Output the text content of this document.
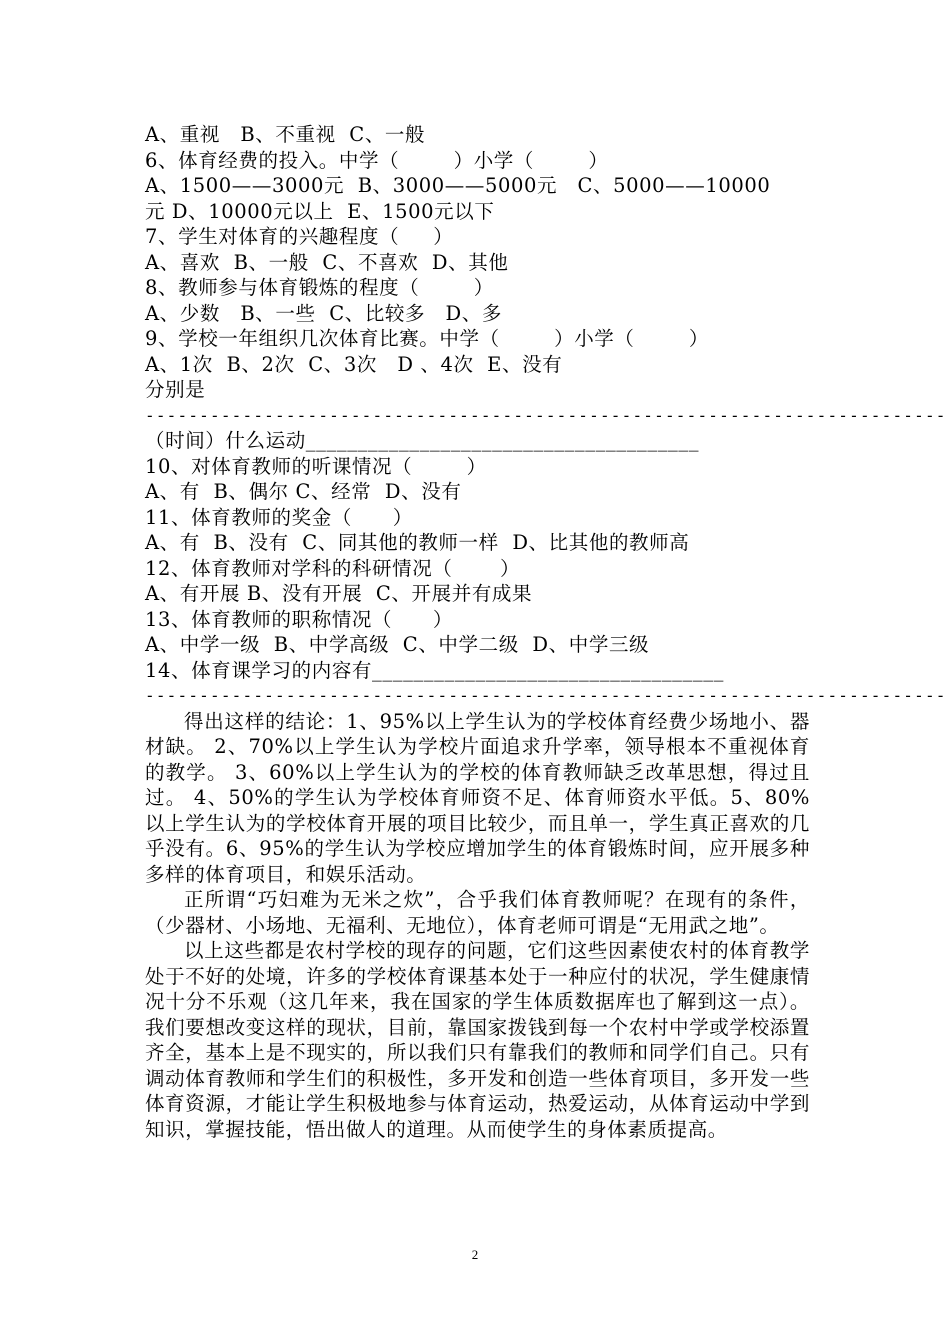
A、重视   B、不重视  C、一般
6、体育经费的投入。中学（        ）小学（        ）
A、1500——3000元  B、3000——5000元   C、5000——10000
元 D、10000元以上  E、1500元以下
7、学生对体育的兴趣程度（     ）
A、喜欢  B、一般  C、不喜欢  D、其他
8、教师参与体育锻炼的程度（        ）
A、少数   B、一些  C、比较多   D、多
9、学校一年组织几次体育比赛。中学（        ）小学（        ）
A、1次  B、2次  C、3次   D 、4次  E、没有
分别是
--------------------------------------------------------------------------
（时间）什么运动______________________________________
10、对体育教师的听课情况（        ）
A、有  B、偶尔 C、经常  D、没有
11、体育教师的奖金（      ）
A、有  B、没有  C、同其他的教师一样  D、比其他的教师高
12、体育教师对学科的科研情况（       ）
A、有开展 B、没有开展  C、开展并有成果
13、体育教师的职称情况（      ）
A、中学一级  B、中学高级  C、中学二级  D、中学三级
14、体育课学习的内容有__________________________________
--------------------------------------------------------------------------

得出这样的结论：1、95%以上学生认为的学校体育经费少场地小、器材缺。 2、70%以上学生认为学校片面追求升学率，领导根本不重视体育的教学。 3、60%以上学生认为的学校的体育教师缺乏改革思想，得过且过。 4、50%的学生认为学校体育师资不足、体育师资水平低。5、80%以上学生认为的学校体育开展的项目比较少，而且单一，学生真正喜欢的几乎没有。6、95%的学生认为学校应增加学生的体育锻炼时间，应开展多种多样的体育项目，和娱乐活动。

正所谓“巧妇难为无米之炊”，合乎我们体育教师呢？在现有的条件，（少器材、小场地、无福利、无地位），体育老师可谓是“无用武之地”。

以上这些都是农村学校的现存的问题，它们这些因素使农村的体育教学处于不好的处境，许多的学校体育课基本处于一种应付的状况，学生健康情况十分不乐观（这几年来，我在国家的学生体质数据库也了解到这一点）。我们要想改变这样的现状，目前，靠国家拨钱到每一个农村中学或学校添置齐全，基本上是不现实的，所以我们只有靠我们的教师和同学们自己。只有调动体育教师和学生们的积极性，多开发和创造一些体育项目，多开发一些体育资源，才能让学生积极地参与体育运动，热爱运动，从体育运动中学到知识，掌握技能，悟出做人的道理。从而使学生的身体素质提高。

2
